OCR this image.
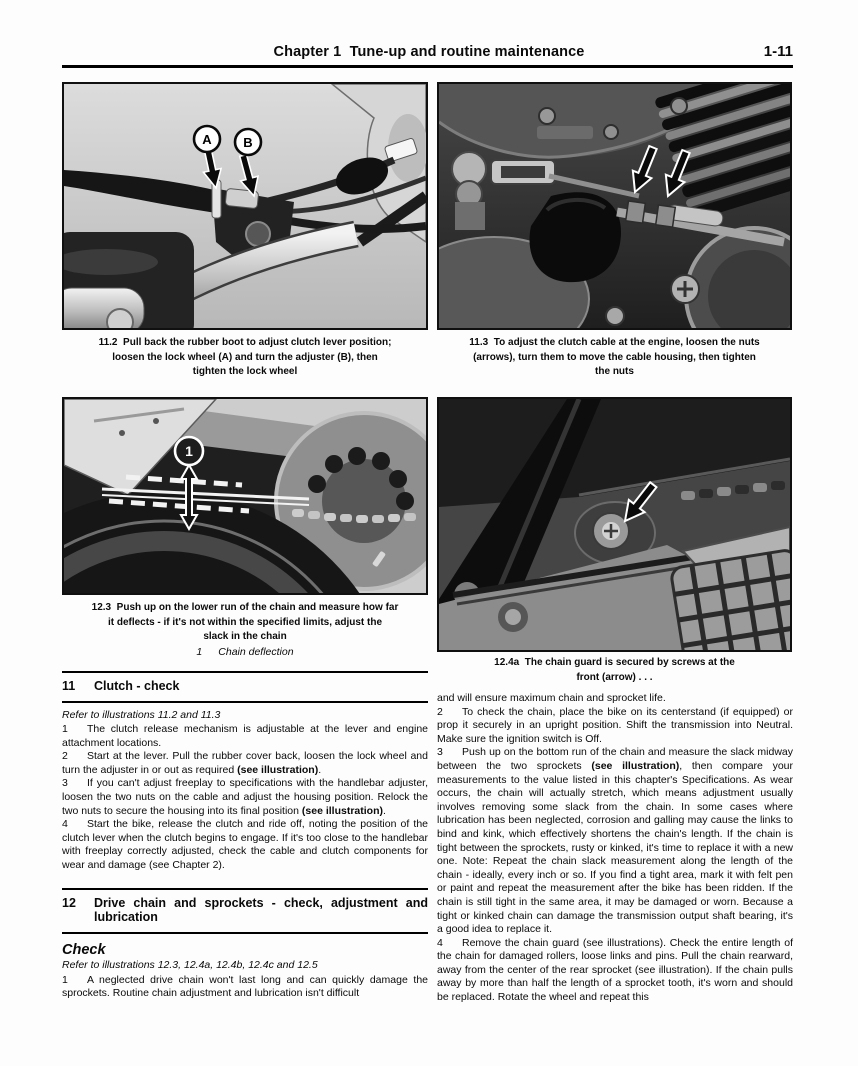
Chapter 1  Tune-up and routine maintenance	1-11
A B
11.2  Pull back the rubber boot to adjust clutch lever position;
loosen the lock wheel (A) and turn the adjuster (B), then
tighten the lock wheel
11.3  To adjust the clutch cable at the engine, loosen the nuts
(arrows), turn them to move the cable housing, then tighten
the nuts
1
12.3  Push up on the lower run of the chain and measure how far
it deflects - if it's not within the specified limits, adjust the
slack in the chain
1 Chain deflection
12.4a  The chain guard is secured by screws at the
front (arrow) . . .
11	Clutch - check

Refer to illustrations 11.2 and 11.3

1 The clutch release mechanism is adjustable at the lever and engine attachment locations.

2 Start at the lever. Pull the rubber cover back, loosen the lock wheel and turn the adjuster in or out as required (see illustration).

3 If you can't adjust freeplay to specifications with the handlebar adjuster, loosen the two nuts on the cable and adjust the housing position. Relock the two nuts to secure the housing into its final position (see illustration).

4 Start the bike, release the clutch and ride off, noting the position of the clutch lever when the clutch begins to engage. If it's too close to the handlebar with freeplay correctly adjusted, check the cable and clutch components for wear and damage (see Chapter 2).

12	Drive chain and sprockets - check, adjustment and lubrication

Check

Refer to illustrations 12.3, 12.4a, 12.4b, 12.4c and 12.5

1 A neglected drive chain won't last long and can quickly damage the sprockets. Routine chain adjustment and lubrication isn't difficult

and will ensure maximum chain and sprocket life.

2 To check the chain, place the bike on its centerstand (if equipped) or prop it securely in an upright position. Shift the transmission into Neutral. Make sure the ignition switch is Off.

3 Push up on the bottom run of the chain and measure the slack midway between the two sprockets (see illustration), then compare your measurements to the value listed in this chapter's Specifications. As wear occurs, the chain will actually stretch, which means adjustment usually involves removing some slack from the chain. In some cases where lubrication has been neglected, corrosion and galling may cause the links to bind and kink, which effectively shortens the chain's length. If the chain is tight between the sprockets, rusty or kinked, it's time to replace it with a new one. Note: Repeat the chain slack measurement along the length of the chain - ideally, every inch or so. If you find a tight area, mark it with felt pen or paint and repeat the measurement after the bike has been ridden. If the chain is still tight in the same area, it may be damaged or worn. Because a tight or kinked chain can damage the transmission output shaft bearing, it's a good idea to replace it.

4 Remove the chain guard (see illustrations). Check the entire length of the chain for damaged rollers, loose links and pins. Pull the chain rearward, away from the center of the rear sprocket (see illustration). If the chain pulls away by more than half the length of a sprocket tooth, it's worn and should be replaced. Rotate the wheel and repeat this
